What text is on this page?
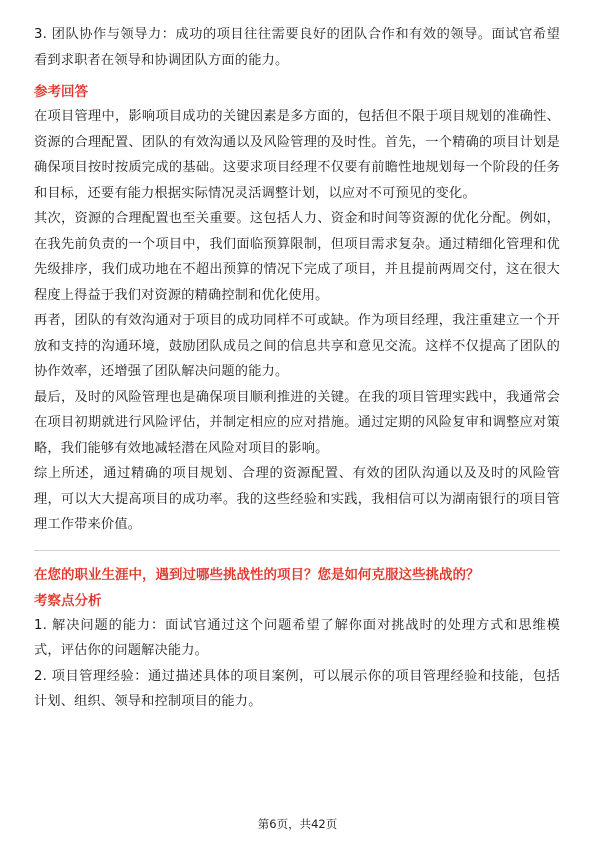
3. 团队协作与领导力：成功的项目往往需要良好的团队合作和有效的领导。面试官希望看到求职者在领导和协调团队方面的能力。

参考回答

在项目管理中，影响项目成功的关键因素是多方面的，包括但不限于项目规划的准确性、资源的合理配置、团队的有效沟通以及风险管理的及时性。首先，一个精确的项目计划是确保项目按时按质完成的基础。这要求项目经理不仅要有前瞻性地规划每一个阶段的任务和目标，还要有能力根据实际情况灵活调整计划，以应对不可预见的变化。

其次，资源的合理配置也至关重要。这包括人力、资金和时间等资源的优化分配。例如，在我先前负责的一个项目中，我们面临预算限制，但项目需求复杂。通过精细化管理和优先级排序，我们成功地在不超出预算的情况下完成了项目，并且提前两周交付，这在很大程度上得益于我们对资源的精确控制和优化使用。

再者，团队的有效沟通对于项目的成功同样不可或缺。作为项目经理，我注重建立一个开放和支持的沟通环境，鼓励团队成员之间的信息共享和意见交流。这样不仅提高了团队的协作效率，还增强了团队解决问题的能力。

最后，及时的风险管理也是确保项目顺利推进的关键。在我的项目管理实践中，我通常会在项目初期就进行风险评估，并制定相应的应对措施。通过定期的风险复审和调整应对策略，我们能够有效地减轻潜在风险对项目的影响。

综上所述，通过精确的项目规划、合理的资源配置、有效的团队沟通以及及时的风险管理，可以大大提高项目的成功率。我的这些经验和实践，我相信可以为湖南银行的项目管理工作带来价值。

在您的职业生涯中，遇到过哪些挑战性的项目？您是如何克服这些挑战的？

考察点分析

1. 解决问题的能力：面试官通过这个问题希望了解你面对挑战时的处理方式和思维模式，评估你的问题解决能力。

2. 项目管理经验：通过描述具体的项目案例，可以展示你的项目管理经验和技能，包括计划、组织、领导和控制项目的能力。

第6页，共42页
